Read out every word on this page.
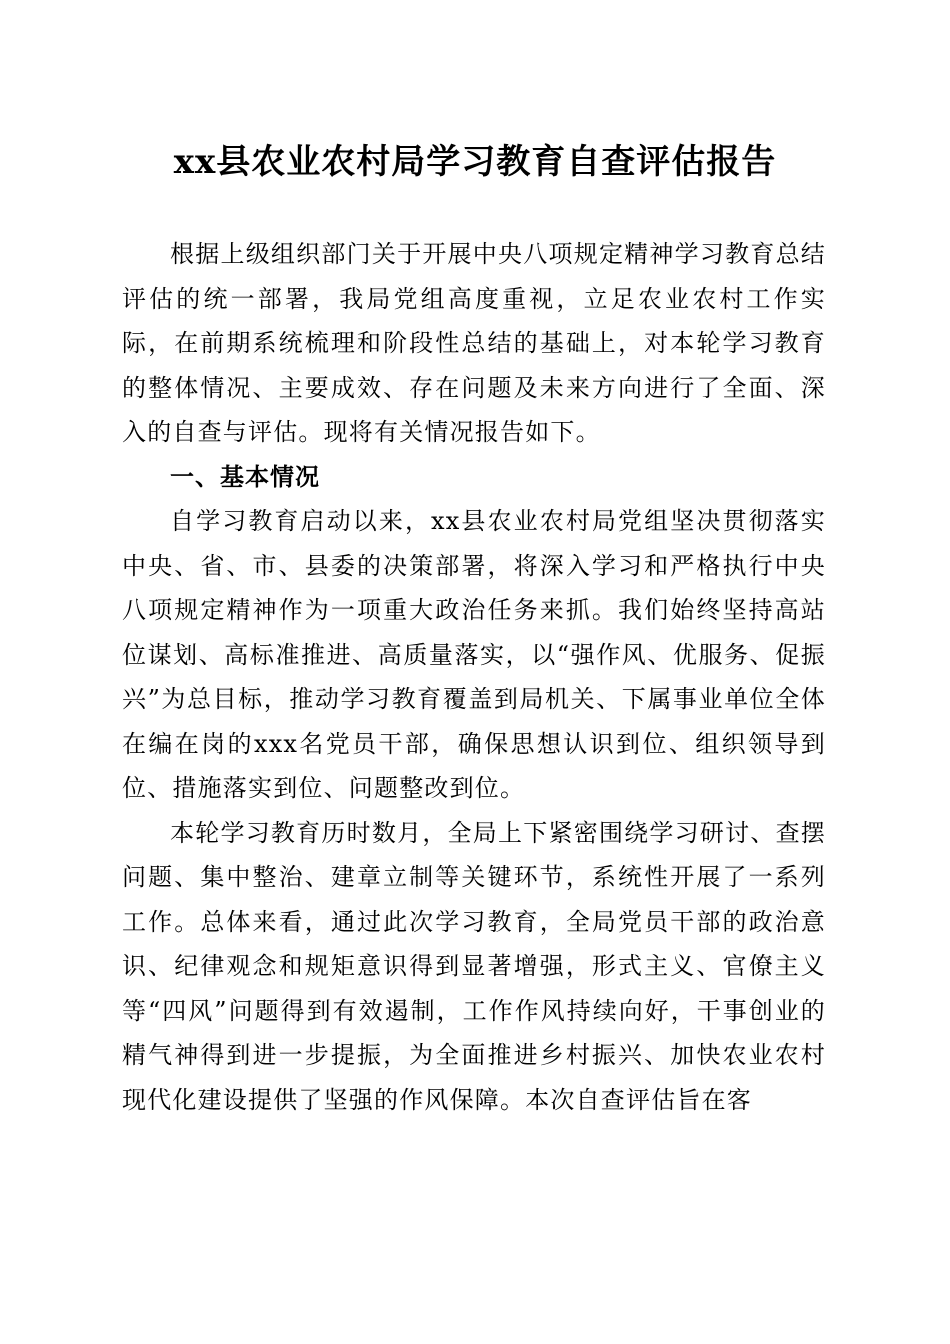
xx县农业农村局学习教育自查评估报告

根据上级组织部门关于开展中央八项规定精神学习教育总结评估的统一部署，我局党组高度重视，立足农业农村工作实际，在前期系统梳理和阶段性总结的基础上，对本轮学习教育的整体情况、主要成效、存在问题及未来方向进行了全面、深入的自查与评估。现将有关情况报告如下。

一、基本情况

自学习教育启动以来，xx县农业农村局党组坚决贯彻落实中央、省、市、县委的决策部署，将深入学习和严格执行中央八项规定精神作为一项重大政治任务来抓。我们始终坚持高站位谋划、高标准推进、高质量落实，以“强作风、优服务、促振兴”为总目标，推动学习教育覆盖到局机关、下属事业单位全体在编在岗的xxx名党员干部，确保思想认识到位、组织领导到位、措施落实到位、问题整改到位。

本轮学习教育历时数月，全局上下紧密围绕学习研讨、查摆问题、集中整治、建章立制等关键环节，系统性开展了一系列工作。总体来看，通过此次学习教育，全局党员干部的政治意识、纪律观念和规矩意识得到显著增强，形式主义、官僚主义等“四风”问题得到有效遏制，工作作风持续向好，干事创业的精气神得到进一步提振，为全面推进乡村振兴、加快农业农村现代化建设提供了坚强的作风保障。本次自查评估旨在客
